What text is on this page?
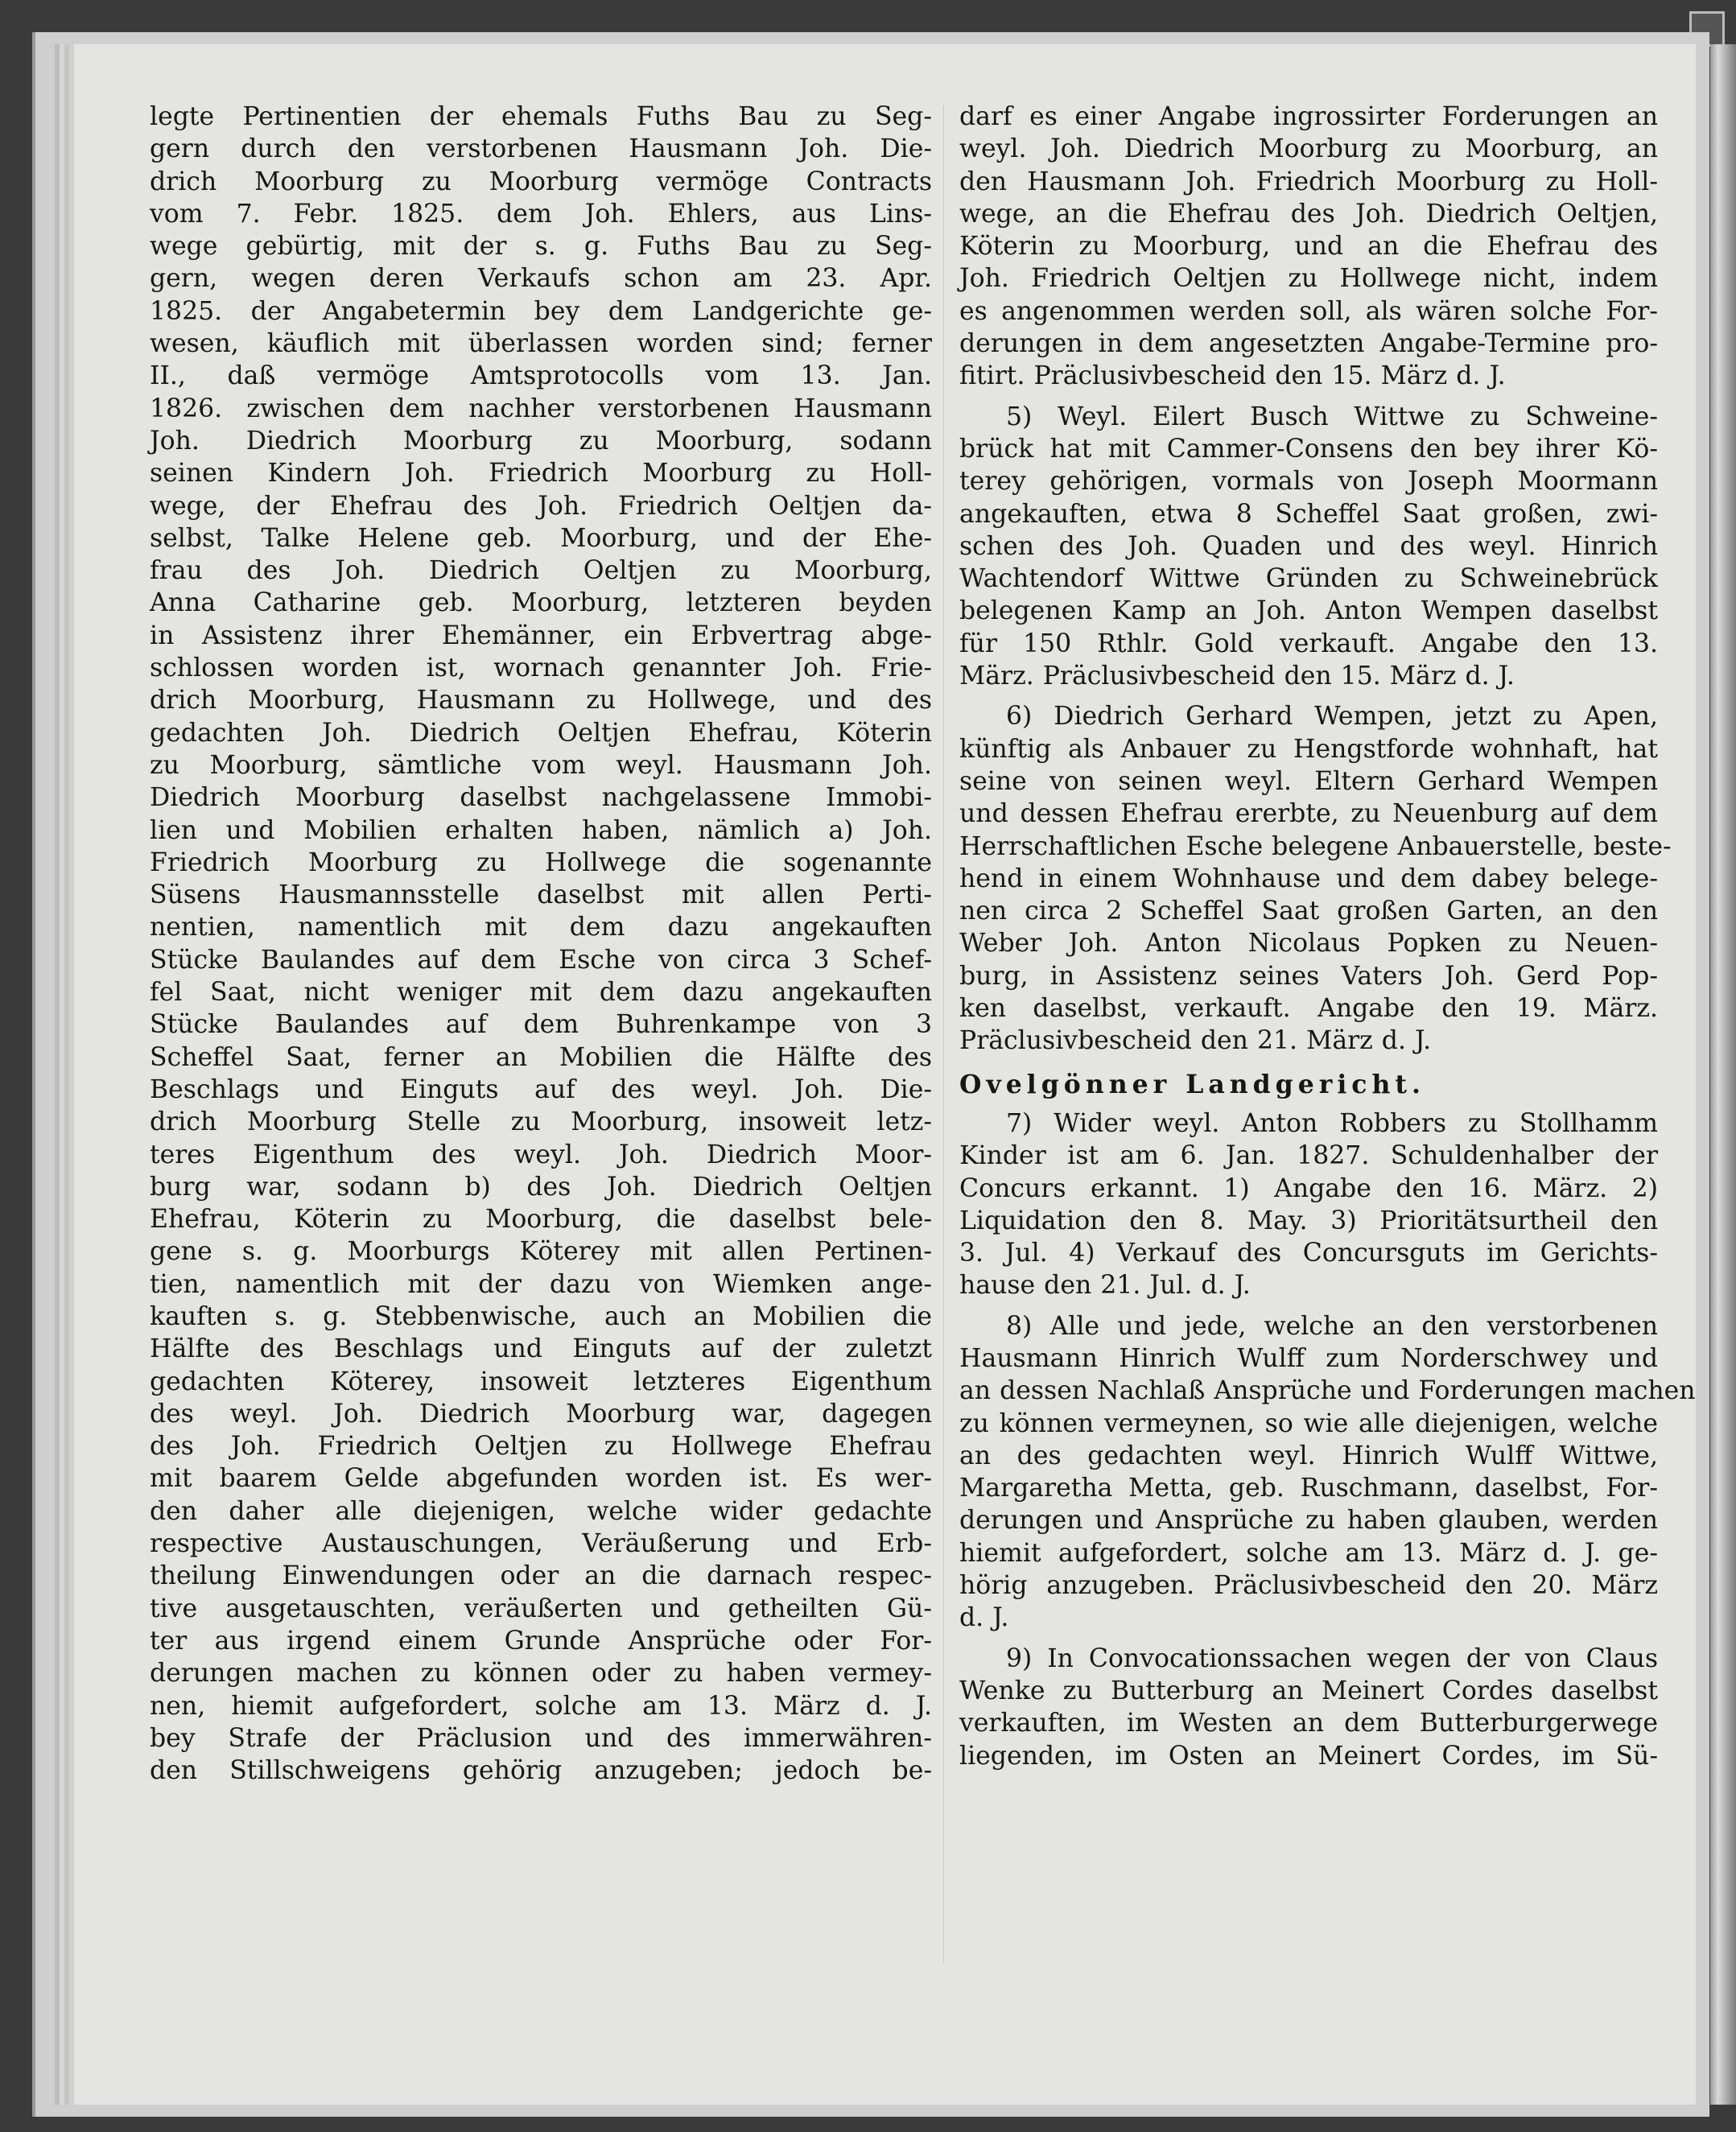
legte Pertinentien der ehemals Fuths Bau zu Seg-
gern durch den verstorbenen Hausmann Joh. Die-
drich Moorburg zu Moorburg vermöge Contracts
vom 7. Febr. 1825. dem Joh. Ehlers, aus Lins-
wege gebürtig, mit der s. g. Fuths Bau zu Seg-
gern, wegen deren Verkaufs schon am 23. Apr.
1825. der Angabetermin bey dem Landgerichte ge-
wesen, käuflich mit überlassen worden sind; ferner
II., daß vermöge Amtsprotocolls vom 13. Jan.
1826. zwischen dem nachher verstorbenen Hausmann
Joh. Diedrich Moorburg zu Moorburg, sodann
seinen Kindern Joh. Friedrich Moorburg zu Holl-
wege, der Ehefrau des Joh. Friedrich Oeltjen da-
selbst, Talke Helene geb. Moorburg, und der Ehe-
frau des Joh. Diedrich Oeltjen zu Moorburg,
Anna Catharine geb. Moorburg, letzteren beyden
in Assistenz ihrer Ehemänner, ein Erbvertrag abge-
schlossen worden ist, wornach genannter Joh. Frie-
drich Moorburg, Hausmann zu Hollwege, und des
gedachten Joh. Diedrich Oeltjen Ehefrau, Köterin
zu Moorburg, sämtliche vom weyl. Hausmann Joh.
Diedrich Moorburg daselbst nachgelassene Immobi-
lien und Mobilien erhalten haben, nämlich a) Joh.
Friedrich Moorburg zu Hollwege die sogenannte
Süsens Hausmannsstelle daselbst mit allen Perti-
nentien, namentlich mit dem dazu angekauften
Stücke Baulandes auf dem Esche von circa 3 Schef-
fel Saat, nicht weniger mit dem dazu angekauften
Stücke Baulandes auf dem Buhrenkampe von 3
Scheffel Saat, ferner an Mobilien die Hälfte des
Beschlags und Einguts auf des weyl. Joh. Die-
drich Moorburg Stelle zu Moorburg, insoweit letz-
teres Eigenthum des weyl. Joh. Diedrich Moor-
burg war, sodann b) des Joh. Diedrich Oeltjen
Ehefrau, Köterin zu Moorburg, die daselbst bele-
gene s. g. Moorburgs Köterey mit allen Pertinen-
tien, namentlich mit der dazu von Wiemken ange-
kauften s. g. Stebbenwische, auch an Mobilien die
Hälfte des Beschlags und Einguts auf der zuletzt
gedachten Köterey, insoweit letzteres Eigenthum
des weyl. Joh. Diedrich Moorburg war, dagegen
des Joh. Friedrich Oeltjen zu Hollwege Ehefrau
mit baarem Gelde abgefunden worden ist. Es wer-
den daher alle diejenigen, welche wider gedachte
respective Austauschungen, Veräußerung und Erb-
theilung Einwendungen oder an die darnach respec-
tive ausgetauschten, veräußerten und getheilten Gü-
ter aus irgend einem Grunde Ansprüche oder For-
derungen machen zu können oder zu haben vermey-
nen, hiemit aufgefordert, solche am 13. März d. J.
bey Strafe der Präclusion und des immerwähren-
den Stillschweigens gehörig anzugeben; jedoch be-
darf es einer Angabe ingrossirter Forderungen an
weyl. Joh. Diedrich Moorburg zu Moorburg, an
den Hausmann Joh. Friedrich Moorburg zu Holl-
wege, an die Ehefrau des Joh. Diedrich Oeltjen,
Köterin zu Moorburg, und an die Ehefrau des
Joh. Friedrich Oeltjen zu Hollwege nicht, indem
es angenommen werden soll, als wären solche For-
derungen in dem angesetzten Angabe-Termine pro-
fitirt. Präclusivbescheid den 15. März d. J.
5) Weyl. Eilert Busch Wittwe zu Schweine-
brück hat mit Cammer-Consens den bey ihrer Kö-
terey gehörigen, vormals von Joseph Moormann
angekauften, etwa 8 Scheffel Saat großen, zwi-
schen des Joh. Quaden und des weyl. Hinrich
Wachtendorf Wittwe Gründen zu Schweinebrück
belegenen Kamp an Joh. Anton Wempen daselbst
für 150 Rthlr. Gold verkauft. Angabe den 13.
März. Präclusivbescheid den 15. März d. J.
6) Diedrich Gerhard Wempen, jetzt zu Apen,
künftig als Anbauer zu Hengstforde wohnhaft, hat
seine von seinen weyl. Eltern Gerhard Wempen
und dessen Ehefrau ererbte, zu Neuenburg auf dem
Herrschaftlichen Esche belegene Anbauerstelle, beste-
hend in einem Wohnhause und dem dabey belege-
nen circa 2 Scheffel Saat großen Garten, an den
Weber Joh. Anton Nicolaus Popken zu Neuen-
burg, in Assistenz seines Vaters Joh. Gerd Pop-
ken daselbst, verkauft. Angabe den 19. März.
Präclusivbescheid den 21. März d. J.
Ovelgönner Landgericht.
7) Wider weyl. Anton Robbers zu Stollhamm
Kinder ist am 6. Jan. 1827. Schuldenhalber der
Concurs erkannt. 1) Angabe den 16. März. 2)
Liquidation den 8. May. 3) Prioritätsurtheil den
3. Jul. 4) Verkauf des Concursguts im Gerichts-
hause den 21. Jul. d. J.
8) Alle und jede, welche an den verstorbenen
Hausmann Hinrich Wulff zum Norderschwey und
an dessen Nachlaß Ansprüche und Forderungen machen
zu können vermeynen, so wie alle diejenigen, welche
an des gedachten weyl. Hinrich Wulff Wittwe,
Margaretha Metta, geb. Ruschmann, daselbst, For-
derungen und Ansprüche zu haben glauben, werden
hiemit aufgefordert, solche am 13. März d. J. ge-
hörig anzugeben. Präclusivbescheid den 20. März
d. J.
9) In Convocationssachen wegen der von Claus
Wenke zu Butterburg an Meinert Cordes daselbst
verkauften, im Westen an dem Butterburgerwege
liegenden, im Osten an Meinert Cordes, im Sü-
